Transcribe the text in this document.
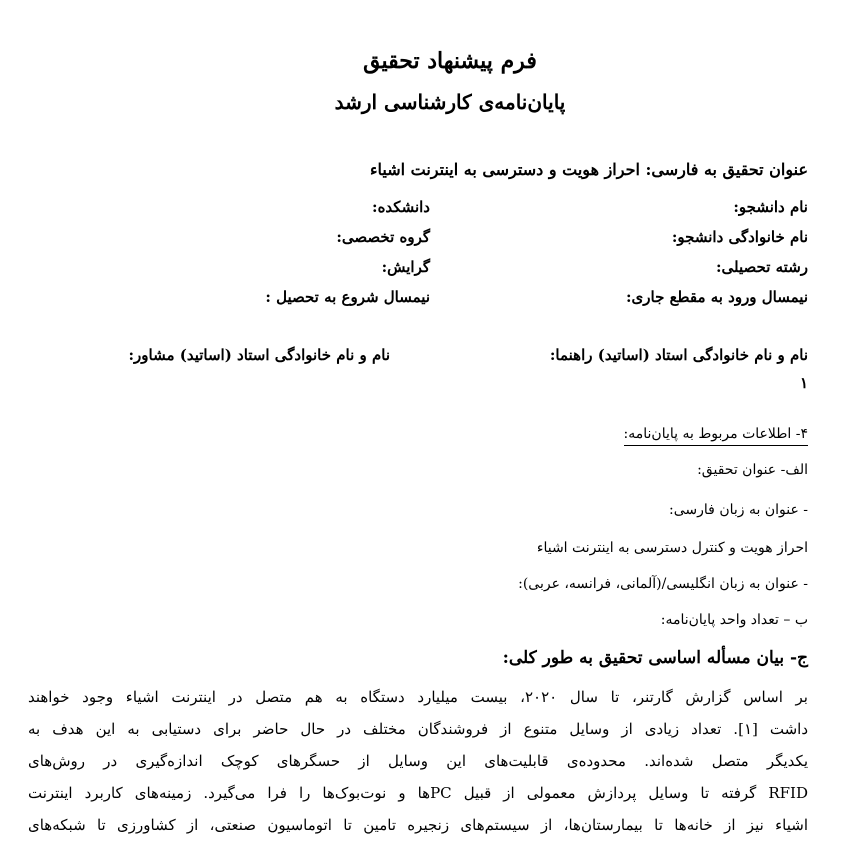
فرم پیشنهاد تحقیق
پایان‌نامه‌ی کارشناسی ارشد
عنوان تحقیق به فارسی: احراز هویت و دسترسی به اینترنت اشیاء
نام دانشجو:
دانشکده:
نام خانوادگی دانشجو:
گروه تخصصی:
رشته تحصیلی:
گرایش:
نیمسال ورود به مقطع جاری:
نیمسال شروع به تحصیل :
نام و نام خانوادگی استاد (اساتید) راهنما:
نام و نام خانوادگی استاد (اساتید) مشاور:
۱
۴- اطلاعات مربوط به پایان‌نامه:
الف- عنوان تحقیق:
- عنوان به زبان فارسی:
احراز هویت و کنترل دسترسی به اینترنت اشیاء
- عنوان به زبان انگلیسی/(آلمانی، فرانسه، عربی):
ب – تعداد واحد پایان‌نامه:
ج- بیان مسأله اساسی تحقیق به طور کلی:
بر اساس گزارش گارتنر، تا سال ۲۰۲۰، بیست میلیارد دستگاه به هم متصل در اینترنت اشیاء وجود خواهند
داشت [۱]. تعداد زیادی از وسایل متنوع از فروشندگان مختلف در حال حاضر برای دستیابی به این هدف به
یکدیگر متصل شده‌اند. محدوده‌ی قابلیت‌های این وسایل از حسگرهای کوچک اندازه‌گیری در روش‌های
RFID گرفته تا وسایل پردازش معمولی از قبیل PCها و نوت‌بوک‌ها را فرا می‌گیرد. زمینه‌های کاربرد اینترنت
اشیاء نیز از خانه‌ها تا بیمارستان‌ها، از سیستم‌های زنجیره تامین تا اتوماسیون صنعتی، از کشاورزی تا شبکه‌های
